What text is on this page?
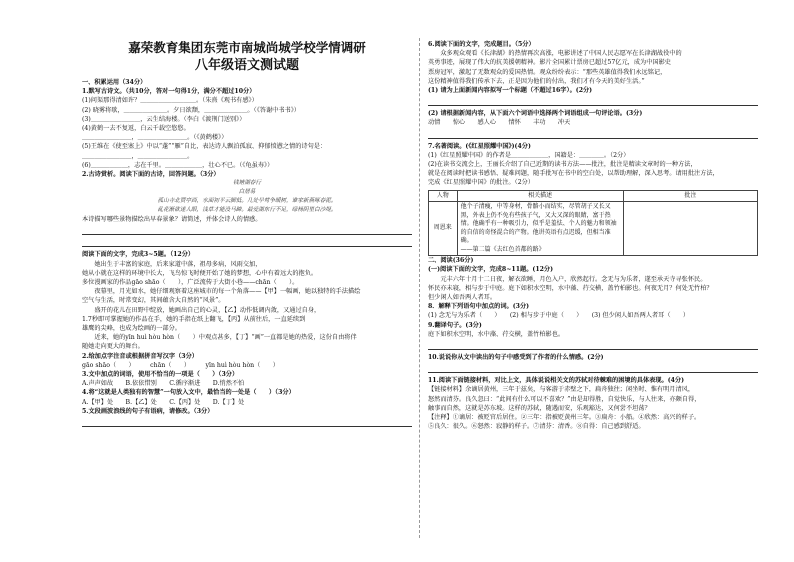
嘉荣教育集团东莞市南城尚城学校学情调研
八年级语文测试题
一、积累运用（34分）
1.默写古诗文。（共10分，答对一句得1分，满分不超过10分）
(1)问渠那得清如许？＿＿＿＿＿＿＿＿＿。（朱熹《观书有感》）
(2) 晓雾将歇，＿＿＿＿＿＿＿。夕日欲颓，＿＿＿＿＿＿＿。（《答谢中书书》）
(3)＿＿＿＿＿＿＿＿，云生结海楼。（李白《渡荆门送别》）
(4)黄鹤一去不复返，白云千载空悠悠。
＿＿＿＿＿＿＿＿，＿＿＿＿＿＿＿＿。（《黄鹤楼》）
(5)王维在《使至塞上》中以“蓬”“雁”自比，表达诗人飘泊孤寂、抑郁愤懑之情的诗句是：
＿＿＿＿＿＿＿＿，＿＿＿＿＿＿＿＿。
(6)＿＿＿＿＿＿，志在千里。＿＿＿＿＿＿，壮心不已。（《龟虽寿》）
2.古诗赏析。阅读下面的古诗，回答问题。（3分）
钱塘湖春行
白居易
孤山寺北贾亭西，水面初平云脚低。几处早莺争暖树，谁家新燕啄春泥。
乱花渐欲迷人眼，浅草才能没马蹄。最爱湖东行不足，绿杨阴里白沙堤。
本诗描写哪些景物描绘出早春景象？请简述，并体会诗人的情感。
阅读下面的文字，完成3~5题。（12分）
　　她出生于丰富的家庭，后来家道中落，祖母多病，风雨交加，
她从小就在这样的环境中长大，飞鸟惊飞时便开始了她的梦想，心中有着远大的抱负。
多位漫画家的作品gāo shāo（　　），广泛流传于大街小巷——chān（　　）。
　　夜幕里，月光如水，她仔细观察着这座城市的每一个角落——【甲】一幅画，她以独特的手法描绘
空气与生活，时常变幻，其间蕴含大自然的“风景”。
　　盛开的花儿在田野中绽放，她画出自己的心灵，【乙】动作低调内敛，又通过自身，
1.7秒即可掌握她的作品在手，她的手指在纸上翻飞，【丙】从前往后，一直延续到
雄鹰的尖峰，也成为绘画的一部分。
　　近来，她的yīn huì hòu hòn（　　）中观点甚多，【丁】“画”一直都是她的热爱，这份自由将伴
随她走向更大的舞台。
2.给加点字注音或根据拼音写汉字（3分）
gāo shāo（　　）　　　chān（　　）　　　yīn huì hòu hòn（　　）
3.文中加点的词语，使用不恰当的一项是（　　）（3分）
A.声声如故　　B.依依惜别　　C.循序渐进　　D.悄然不怕
4.将“这就是人类独有的智慧”一句放入文中，最恰当的一处是（　　）（3分）
A.【甲】处　　B.【乙】处　　C.【丙】处　　D.【丁】处
5.文段画波浪线的句子有语病，请修改。（3分）
6.阅读下面的文字，完成题目。（5分）
　　众多观众观看《长津湖》的热情再次高涨，电影讲述了中国人民志愿军在长津湖战役中的
英勇事迹，展现了伟大的抗美援朝精神。影片全国累计票房已超过57亿元，成为中国影史
票房冠军，激起了无数观众的爱国热情。观众纷纷表示：“那些英雄值得我们永远铭记，
这份精神值得我们传承下去，正是因为他们的付出，我们才有今天的美好生活。”
(1) 请为上面新闻内容拟写一个标题（不超过16字）。(2分)
(2) 请根据新闻内容，从下面六个词语中选择两个词语组成一句评论语。(3分)
动情　　惊心　　感人心　　情怀　　丰功　　冲天
7.名著阅读。(《红星照耀中国》)(4分)
(1)《红星照耀中国》的作者是＿＿＿＿＿＿，国籍是：＿＿＿＿。（2分）
(2)在读书交流会上，王丽长介绍了自己近期的读书方法——批注，批注是精读文章时的一种方法，
就是在阅读时把读书感悟、疑难问题，随手批写在书中的空白处，以帮助理解，深入思考。请用批注方法，
完成《红星照耀中国》的批注。（2分）
人物	相关描述	批注
周恩来	他个子清瘦，中等身材，骨骼小而结实，尽管胡子又长又黑，外表上仍不免有些孩子气，又大又深的眼睛，富于热情。他确乎有一种吸引力，似乎是羞怯、个人的魅力和领袖的自信的奇怪混合的产物。他讲英语有点迟缓，但相当准确。
——第二篇《去红色首都的路》	
二、阅读(36分)
(一)阅读下面的文字，完成8~11题。(12分)
　　元丰六年十月十二日夜，解衣欲睡，月色入户，欣然起行。念无与为乐者，遂至承天寺寻张怀民。
怀民亦未寝，相与步于中庭。庭下如积水空明，水中藻、荇交横，盖竹柏影也。何夜无月？何处无竹柏？
但少闲人如吾两人者耳。
8．解释下列语句中加点的词。(3分)
(1) 念无与为乐者（　　）　　(2) 相与步于中庭（　　）　　(3) 但少闲人如吾两人者耳（　　）
9.翻译句子。(3分)
庭下如积水空明，水中藻、荇交横，盖竹柏影也。
10.说说你从文中读出的句子中感受到了作者的什么情感。(2分)
11.阅读下面链接材料，对比上文，具体说说相关文的苏轼对待棘难的困境的具体表现。(4分)
【链接材料】余谪居黄州，三年于兹矣，与客游于赤壁之下，扁舟独往；闲坐时、惟有明月清风，
怒然而清芬。良久忽曰：“此间有什么可以不喜欢？”由是却得胜，自觉快乐，与人往来，亦颇自得，
触事而自然，这就是苏东坡。这样的苏轼，随遇而安，乐观豁达，又何尝不坦荡？
【注释】①谪居：被贬官后居住。②三年：指被贬黄州三年。③扁舟：小船。④欣然：高兴的样子。
⑤良久：很久。⑥怒然：寂静的样子。⑦清芬：清香。⑧自得：自己感到舒适。
